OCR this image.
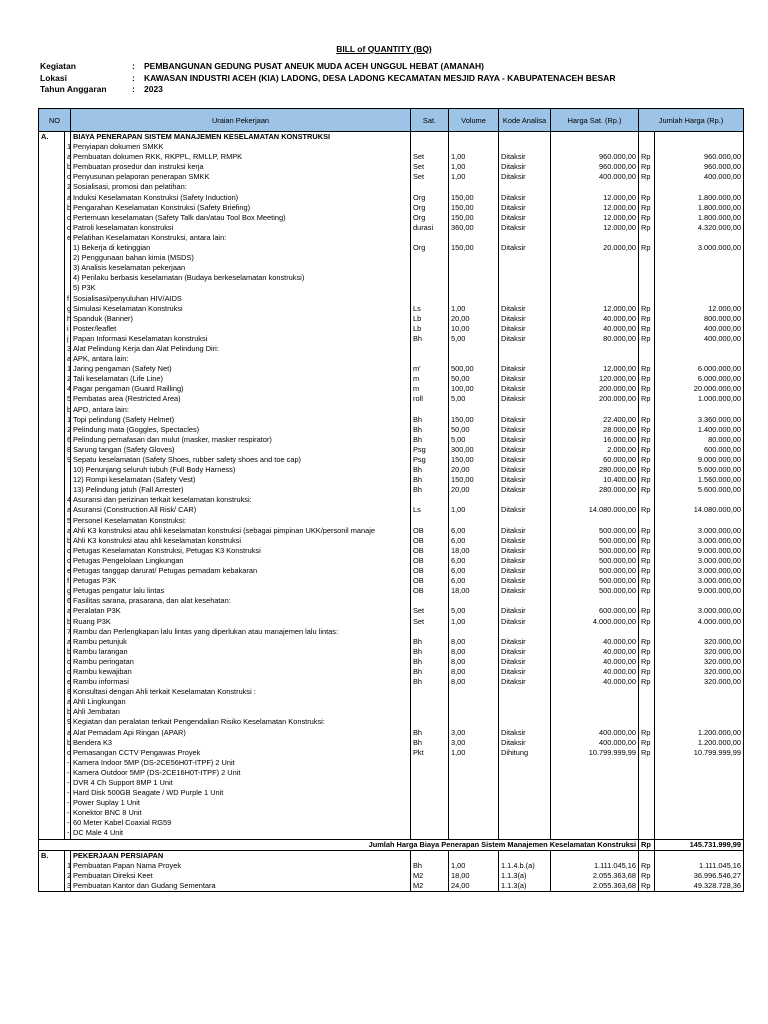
BILL of QUANTITY (BQ)
Kegiatan	:	PEMBANGUNAN GEDUNG PUSAT ANEUK MUDA ACEH UNGGUL HEBAT (AMANAH)
Lokasi	:	KAWASAN INDUSTRI ACEH (KIA) LADONG, DESA LADONG KECAMATAN MESJID RAYA - KABUPATENACEH BESAR
Tahun Anggaran	:	2023
NO		Uraian Pekerjaan	Sat.	Volume	Kode Analisa	Harga Sat. (Rp.)	Jumlah Harga (Rp.)	
A.		BIAYA PENERAPAN SISTEM MANAJEMEN KESELAMATAN KONSTRUKSI						
	1	Penyiapan dokumen SMKK						
	a	Pembuatan dokumen RKK, RKPPL, RMLLP, RMPK	Set	1,00	Ditaksir	960.000,00	Rp	960.000,00
	b	Pembuatan prosedur dan instruksi kerja	Set	1,00	Ditaksir	960.000,00	Rp	960.000,00
	c	Penyusunan pelaporan penerapan SMKK	Set	1,00	Ditaksir	400.000,00	Rp	400.000,00
	2	Sosialisasi, promosi dan pelatihan:						
	a	Induksi Keselamatan Konstruksi (Safety Induction)	Org	150,00	Ditaksir	12.000,00	Rp	1.800.000,00
	b	Pengarahan Keselamatan Konstruksi (Safety Briefing)	Org	150,00	Ditaksir	12.000,00	Rp	1.800.000,00
	c	Pertemuan keselamatan (Safety Talk dan/atau Tool Box Meeting)	Org	150,00	Ditaksir	12.000,00	Rp	1.800.000,00
	d	Patroli keselamatan konstruksi	durasi	360,00	Ditaksir	12.000,00	Rp	4.320.000,00
	e	Pelatihan Keselamatan Konstruksi, antara lain:						
		1) Bekerja di ketinggian	Org	150,00	Ditaksir	20.000,00	Rp	3.000.000,00
		2) Penggunaan bahan kimia (MSDS)						
		3) Analisis keselamatan pekerjaan						
		4) Perilaku berbasis keselamatan (Budaya berkeselamatan konstruksi)						
		5) P3K						
	f	Sosialisasi/penyuluhan HIV/AIDS						
	g	Simulasi Keselamatan Konstruksi	Ls	1,00	Ditaksir	12.000,00	Rp	12.000,00
	h	Spanduk (Banner)	Lb	20,00	Ditaksir	40.000,00	Rp	800.000,00
	i	Poster/leaflet	Lb	10,00	Ditaksir	40.000,00	Rp	400.000,00
	j	Papan Informasi Keselamatan konstruksi	Bh	5,00	Ditaksir	80.000,00	Rp	400.000,00
	3	Alat Pelindung Kerja dan Alat Pelindung Diri:						
	a	APK, antara lain:						
	1	Jaring pengaman (Safety Net)	m'	500,00	Ditaksir	12.000,00	Rp	6.000.000,00
	2	Tali keselamatan (Life Line)	m	50,00	Ditaksir	120.000,00	Rp	6.000.000,00
	4	Pagar pengaman (Guard Railling)	m	100,00	Ditaksir	200.000,00	Rp	20.000.000,00
	5	Pembatas area (Restricted Area)	roll	5,00	Ditaksir	200.000,00	Rp	1.000.000,00
	b	APD, antara lain:						
	1	Topi pelindung (Safety Helmet)	Bh	150,00	Ditaksir	22.400,00	Rp	3.360.000,00
	2	Pelindung mata (Goggles, Spectacles)	Bh	50,00	Ditaksir	28.000,00	Rp	1.400.000,00
	6	Pelindung pernafasan dan mulut (masker, masker respirator)	Bh	5,00	Ditaksir	16.000,00	Rp	80.000,00
	8	Sarung tangan (Safety Gloves)	Psg	300,00	Ditaksir	2.000,00	Rp	600.000,00
	9	Sepatu keselamatan (Safety Shoes, rubber safety shoes and toe cap)	Psg	150,00	Ditaksir	60.000,00	Rp	9.000.000,00
		10) Penunjang seluruh tubuh (Full Body Harness)	Bh	20,00	Ditaksir	280.000,00	Rp	5.600.000,00
		12) Rompi keselamatan (Safety Vest)	Bh	150,00	Ditaksir	10.400,00	Rp	1.560.000,00
		13) Pelindung jatuh (Fall Arrester)	Bh	20,00	Ditaksir	280.000,00	Rp	5.600.000,00
	4	Asuransi dan perizinan terkait keselamatan konstruksi:						
	a	Asuransi (Construction All Risk/ CAR)	Ls	1,00	Ditaksir	14.080.000,00	Rp	14.080.000,00
	5	Personel Keselamatan Konstruksi:						
	a	Ahli K3 konstruksi atau ahli keselamatan konstruksi (sebagai pimpinan UKK/personil manaje	OB	6,00	Ditaksir	500.000,00	Rp	3.000.000,00
	b	Ahli K3 konstruksi atau ahli keselamatan konstruksi	OB	6,00	Ditaksir	500.000,00	Rp	3.000.000,00
	c	Petugas Keselamatan Konstruksi, Petugas K3 Konstruksi	OB	18,00	Ditaksir	500.000,00	Rp	9.000.000,00
	d	Petugas Pengelolaan Lingkungan	OB	6,00	Ditaksir	500.000,00	Rp	3.000.000,00
	e	Petugas tanggap darurat/ Petugas pemadam kebakaran	OB	6,00	Ditaksir	500.000,00	Rp	3.000.000,00
	f	Petugas P3K	OB	6,00	Ditaksir	500.000,00	Rp	3.000.000,00
	g	Petugas pengatur lalu lintas	OB	18,00	Ditaksir	500.000,00	Rp	9.000.000,00
	6	Fasilitas sarana, prasarana, dan alat kesehatan:						
	a	Peralatan P3K	Set	5,00	Ditaksir	600.000,00	Rp	3.000.000,00
	b	Ruang P3K	Set	1,00	Ditaksir	4.000.000,00	Rp	4.000.000,00
	7	Rambu dan Perlengkapan lalu lintas yang diperlukan atau manajemen lalu lintas:						
	a	Rambu petunjuk	Bh	8,00	Ditaksir	40.000,00	Rp	320.000,00
	b	Rambu larangan	Bh	8,00	Ditaksir	40.000,00	Rp	320.000,00
	c	Rambu peringatan	Bh	8,00	Ditaksir	40.000,00	Rp	320.000,00
	d	Rambu kewajiban	Bh	8,00	Ditaksir	40.000,00	Rp	320.000,00
	e	Rambu informasi	Bh	8,00	Ditaksir	40.000,00	Rp	320.000,00
	8	Konsultasi dengan Ahli terkait Keselamatan Konstruksi :						
	a	Ahli Lingkungan						
	b	Ahli Jembatan						
	9	Kegiatan dan peralatan terkait Pengendalian Risiko Keselamatan Konstruksi:						
	a	Alat Pemadam Api Ringan (APAR)	Bh	3,00	Ditaksir	400.000,00	Rp	1.200.000,00
	b	Bendera K3	Bh	3,00	Ditaksir	400.000,00	Rp	1.200.000,00
	c	Pemasangan CCTV Pengawas Proyek	Pkt	1,00	Dihitung	10.799.999,99	Rp	10.799.999,99
	-	Kamera Indoor 5MP (DS-2CE56H0T-ITPF) 2 Unit						
	-	Kamera Outdoor 5MP (DS-2CE16H0T-ITPF) 2 Unit						
	-	DVR 4 Ch Support 8MP 1 Unit						
	-	Hard Disk 500GB Seagate / WD Purple 1 Unit						
	-	Power Suplay 1 Unit						
	-	Konektor BNC 8 Unit						
	-	60 Meter Kabel Coaxial RG59						
	-	DC Male 4 Unit						
Jumlah Harga Biaya Penerapan Sistem Manajemen Keselamatan Konstruksi							Rp	145.731.999,99
B.		PEKERJAAN PERSIAPAN						
	1	Pembuatan Papan Nama Proyek	Bh	1,00	1.1.4.b.(a)	1.111.045,16	Rp	1.111.045,16
	2	Pembuatan Direksi Keet	M2	18,00	1.1.3(a)	2.055.363,68	Rp	36.996.546,27
	3	Pembuatan Kantor dan Gudang Sementara	M2	24,00	1.1.3(a)	2.055.363,68	Rp	49.328.728,36
